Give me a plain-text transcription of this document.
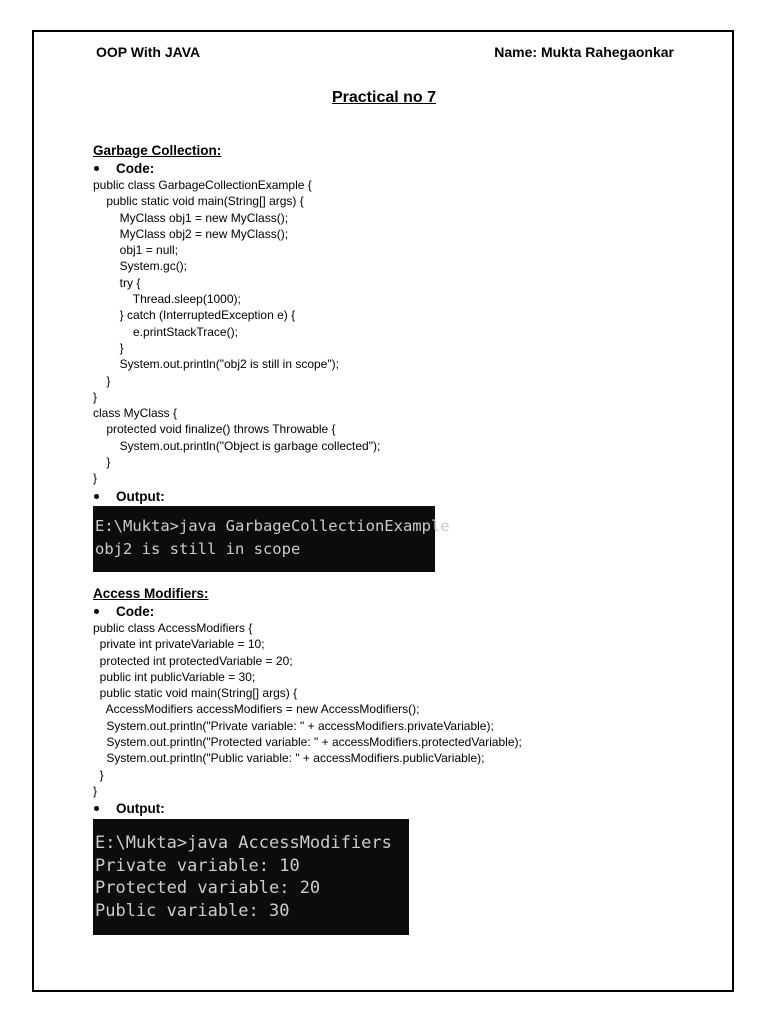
OOP With JAVA	Name: Mukta Rahegaonkar
Practical no 7
Garbage Collection:
Code:
public class GarbageCollectionExample {
public static void main(String[] args) {
MyClass obj1 = new MyClass();
MyClass obj2 = new MyClass();
obj1 = null;
System.gc();
try {
Thread.sleep(1000);
} catch (InterruptedException e) {
e.printStackTrace();
}
System.out.println("obj2 is still in scope");
}
}
class MyClass {
protected void finalize() throws Throwable {
System.out.println("Object is garbage collected");
}
}
Output:
E:\Mukta>java GarbageCollectionExample
obj2 is still in scope
Access Modifiers:
Code:
public class AccessModifiers {
private int privateVariable = 10;
protected int protectedVariable = 20;
public int publicVariable = 30;
public static void main(String[] args) {
AccessModifiers accessModifiers = new AccessModifiers();
System.out.println("Private variable: " + accessModifiers.privateVariable);
System.out.println("Protected variable: " + accessModifiers.protectedVariable);
System.out.println("Public variable: " + accessModifiers.publicVariable);
}
}
Output:
E:\Mukta>java AccessModifiers
Private variable: 10
Protected variable: 20
Public variable: 30
